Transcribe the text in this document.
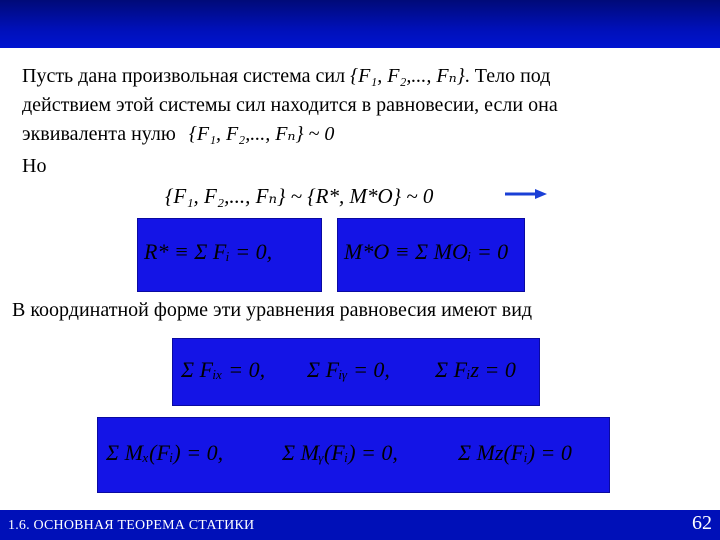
Пусть дана произвольная система сил {F₁, F₂,..., Fₙ}. Тело под
действием этой системы сил находится в равновесии, если она
эквивалента нулю {F₁, F₂,..., Fₙ} ~ 0
Но
{F₁, F₂,..., Fₙ} ~ {R*, M*O} ~ 0
R* ≡ Σ Fᵢ = 0,	M*O ≡ Σ MOᵢ = 0
В координатной форме эти уравнения равновесия имеют вид
Σ Fᵢₓ = 0, Σ Fᵢᵧ = 0, Σ Fᵢz = 0
Σ Mₓ(Fᵢ) = 0,	Σ Mᵧ(Fᵢ) = 0,	Σ Mz(Fᵢ) = 0
1.6. ОСНОВНАЯ ТЕОРЕМА СТАТИКИ	62
